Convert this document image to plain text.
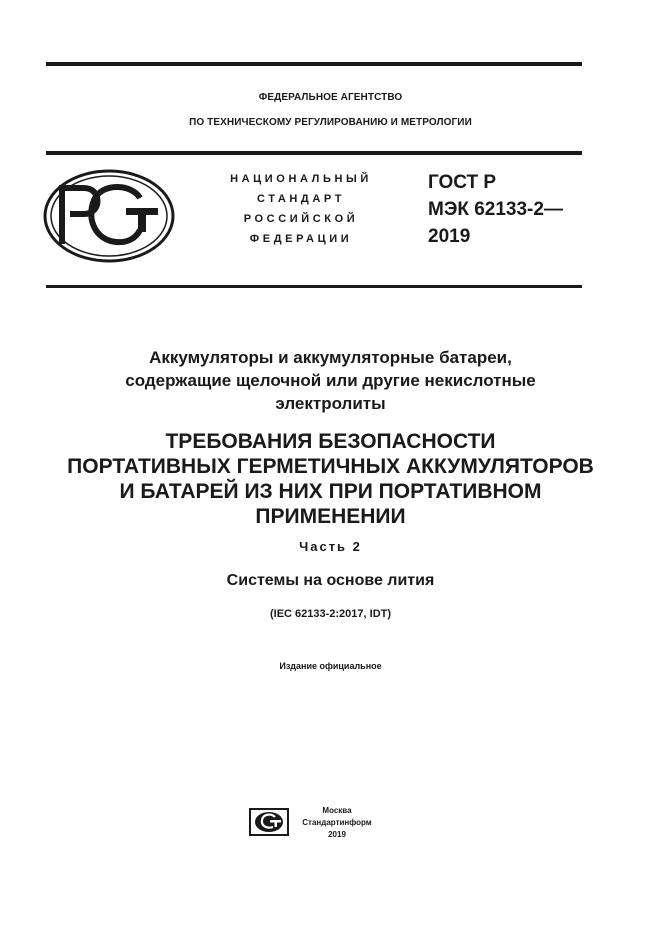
ФЕДЕРАЛЬНОЕ АГЕНТСТВО
ПО ТЕХНИЧЕСКОМУ РЕГУЛИРОВАНИЮ И МЕТРОЛОГИИ
НАЦИОНАЛЬНЫЙ
СТАНДАРТ
РОССИЙСКОЙ
ФЕДЕРАЦИИ
ГОСТ Р
МЭК 62133-2—
2019
Аккумуляторы и аккумуляторные батареи,
содержащие щелочной или другие некислотные
электролиты
ТРЕБОВАНИЯ БЕЗОПАСНОСТИ
ПОРТАТИВНЫХ ГЕРМЕТИЧНЫХ АККУМУЛЯТОРОВ
И БАТАРЕЙ ИЗ НИХ ПРИ ПОРТАТИВНОМ
ПРИМЕНЕНИИ
Часть 2
Системы на основе лития
(IEC 62133-2:2017, IDT)
Издание официальное
Москва
Стандартинформ
2019
